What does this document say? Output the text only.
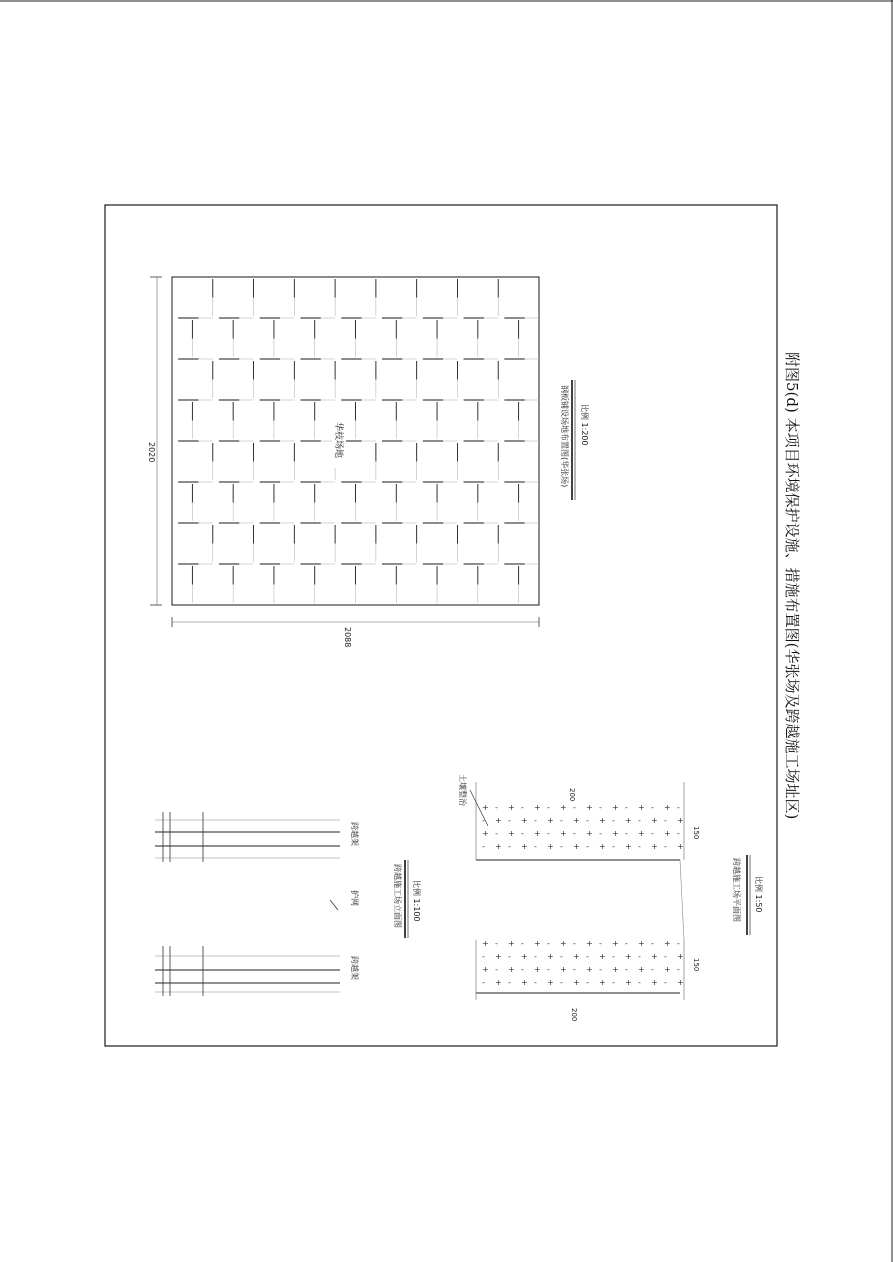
2020
2088
华枝场地	钢板铺设场地布置图(华张场) 比例 1:200
跨越架
护网
跨越架
跨越施工场立面图 比例 1:100
+ - + - + - + - + - + - + - + -
- + - + - + - + - + - + - + - +
+ - + - + - + - + - + - + - + -
- + - + - + - + - + - + - + - +
+ - + - + - + - + - + - + - + -
- + - + - + - + - + - + - + - +
+ - + - + - + - + - + - + - + -
- + - + - + - + - + - + - + - +
土壤整治	200
200
150
150
跨越施工场平面图 比例 1:50
附图5(d) 本项目环境保护设施、措施布置图(华张场及跨越施工场址区)
